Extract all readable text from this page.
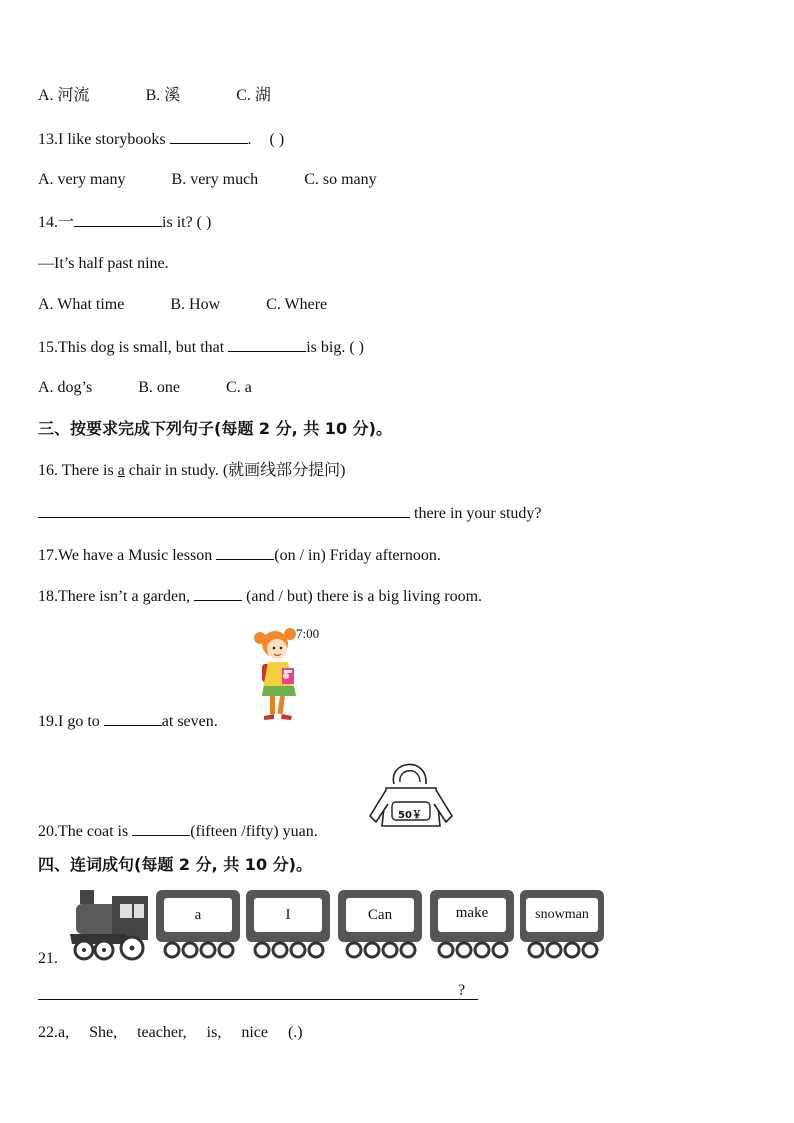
A. 河流	B. 溪	C. 湖
13.I like storybooks	. ( )
A. very many	B. very much	C. so many
14.一	is it? ( )
—It’s half past nine.
A. What time	B. How	C. Where
15.This dog is small, but that	is big. ( )
A. dog’s	B. one	C. a
三、按要求完成下列句子(每题 2 分, 共 10 分)。
16. There is a chair in study. (就画线部分提问)
there in your study?
17.We have a Music lesson	(on / in) Friday afternoon.
18.There isn’t a garden,	(and / but) there is a big living room.
7:00
19.I go to	at seven.
50￥
20.The coat is	(fifteen /fifty) yuan.
四、连词成句(每题 2 分, 共 10 分)。
21.
a	I	Can	make	snowman
?
22.a,     She,     teacher,     is,     nice     (.)
